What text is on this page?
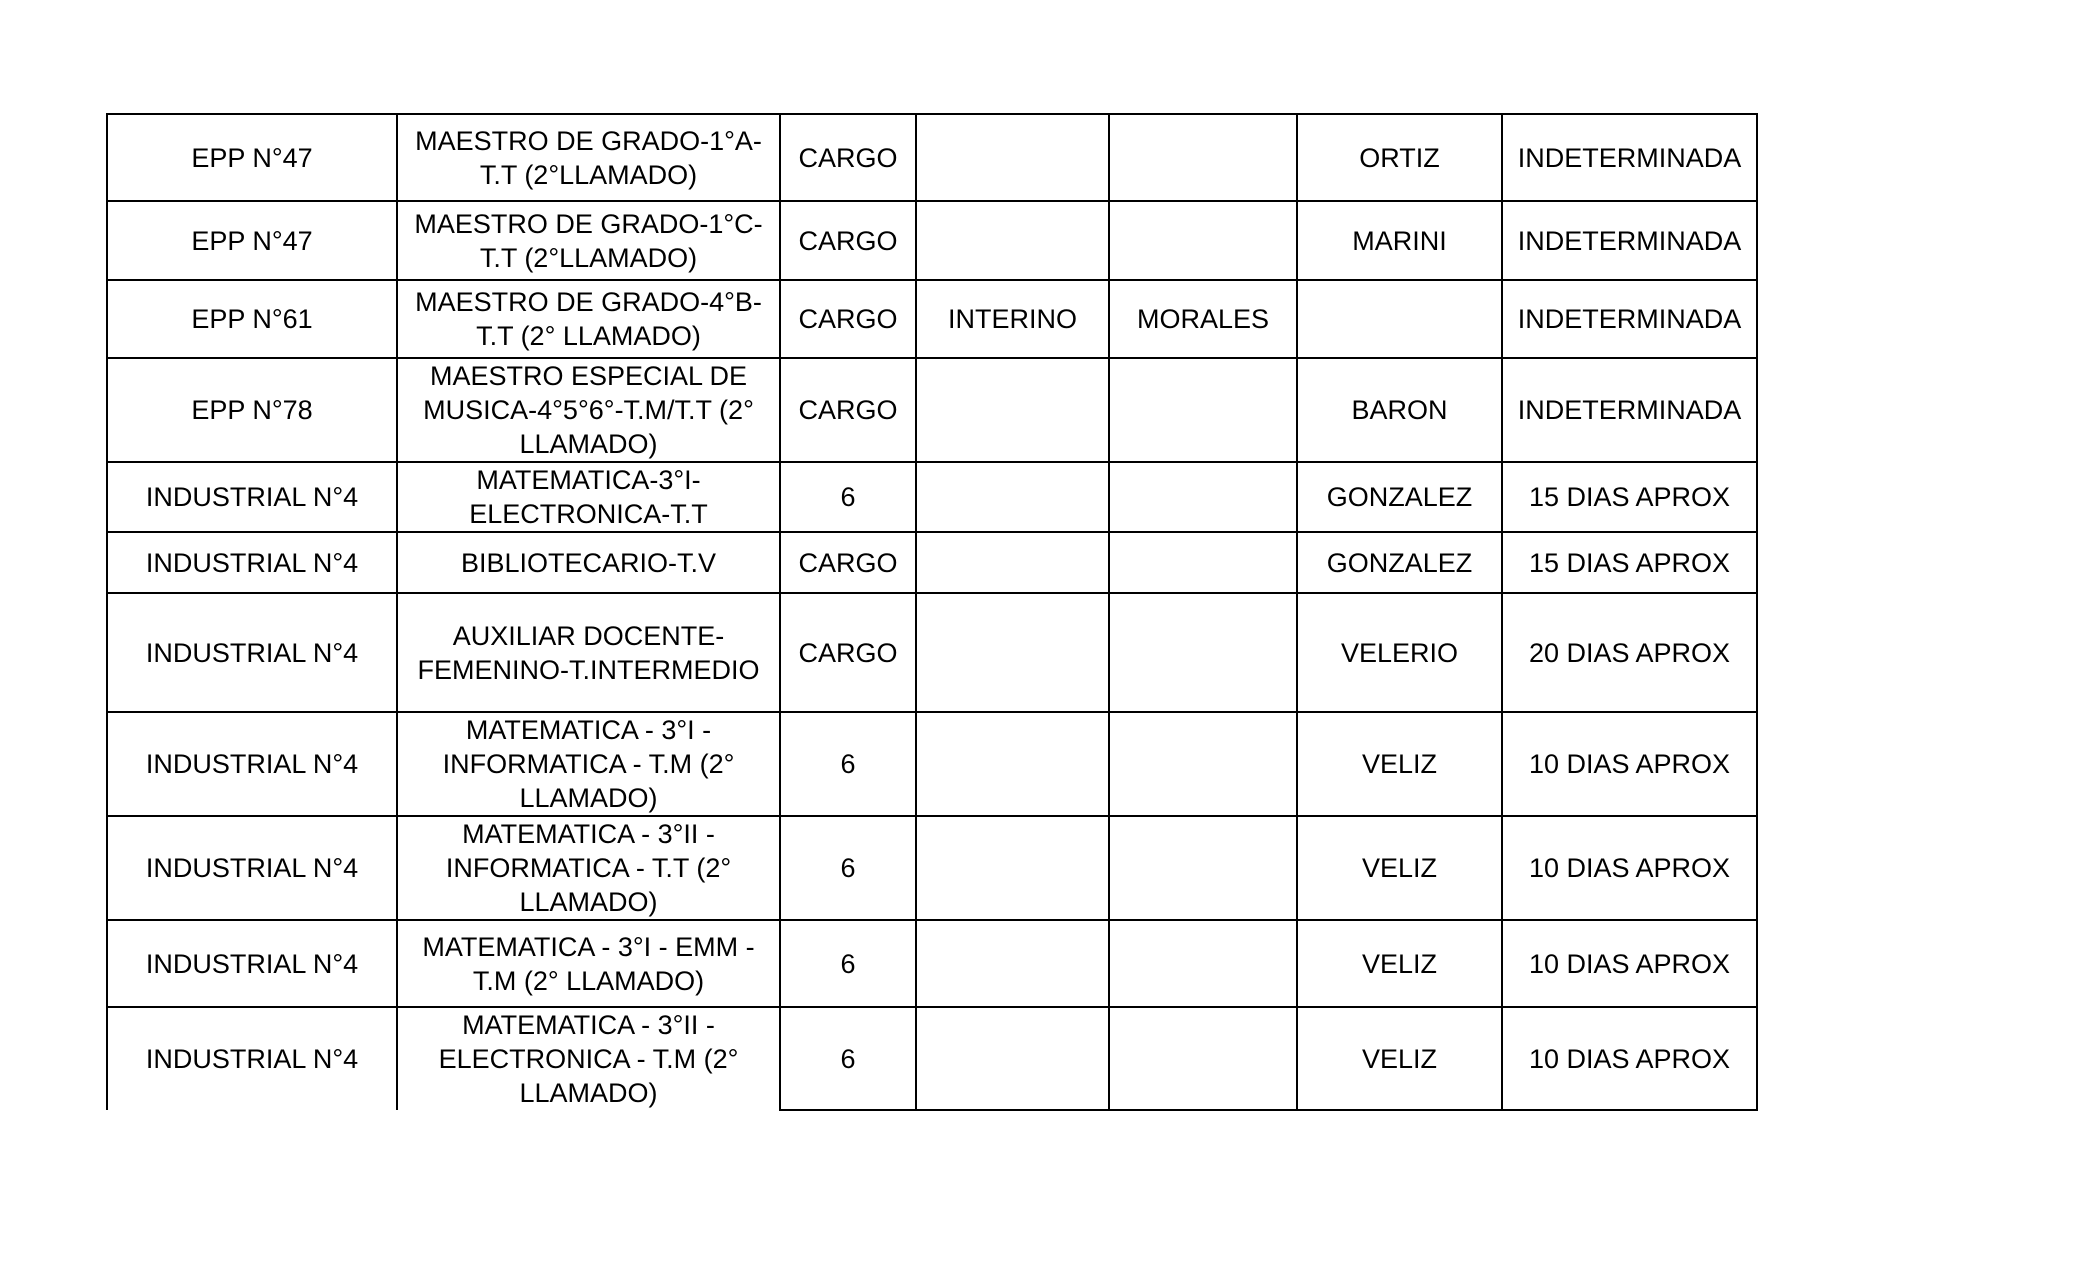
EPP N°47	MAESTRO DE GRADO-1°A-T.T (2°LLAMADO)	CARGO			ORTIZ	INDETERMINADA
EPP N°47	MAESTRO DE GRADO-1°C-T.T (2°LLAMADO)	CARGO			MARINI	INDETERMINADA
EPP N°61	MAESTRO DE GRADO-4°B-T.T (2° LLAMADO)	CARGO	INTERINO	MORALES		INDETERMINADA
EPP N°78	MAESTRO ESPECIAL DE MUSICA-4°5°6°-T.M/T.T (2° LLAMADO)	CARGO			BARON	INDETERMINADA
INDUSTRIAL N°4	MATEMATICA-3°I-ELECTRONICA-T.T	6			GONZALEZ	15 DIAS APROX
INDUSTRIAL N°4	BIBLIOTECARIO-T.V	CARGO			GONZALEZ	15 DIAS APROX
INDUSTRIAL N°4	AUXILIAR DOCENTE-FEMENINO-T.INTERMEDIO	CARGO			VELERIO	20 DIAS APROX
INDUSTRIAL N°4	MATEMATICA - 3°I - INFORMATICA - T.M (2° LLAMADO)	6			VELIZ	10 DIAS APROX
INDUSTRIAL N°4	MATEMATICA - 3°II - INFORMATICA - T.T (2° LLAMADO)	6			VELIZ	10 DIAS APROX
INDUSTRIAL N°4	MATEMATICA - 3°I - EMM - T.M (2° LLAMADO)	6			VELIZ	10 DIAS APROX
INDUSTRIAL N°4	MATEMATICA - 3°II - ELECTRONICA - T.M (2° LLAMADO)	6			VELIZ	10 DIAS APROX
